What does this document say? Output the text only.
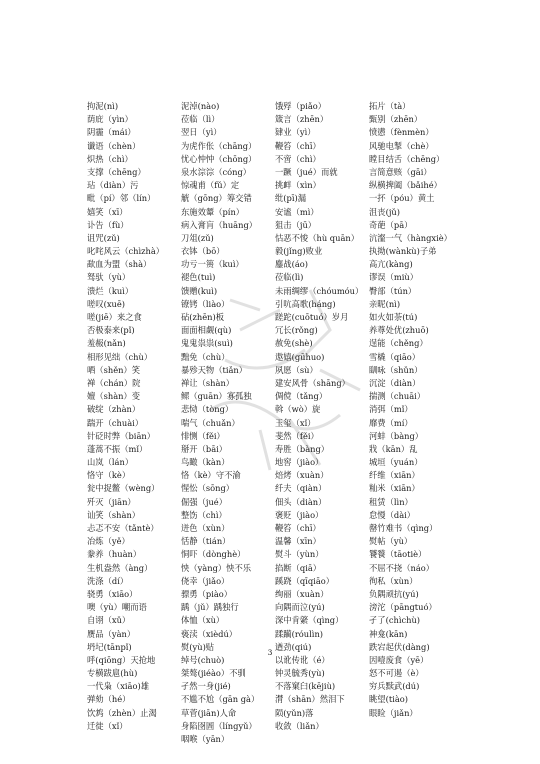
拘泥(nì)
荫庇（yìn）
阴霾（mái）
谶语（chèn）
炽热（chì）
支撑（chēng）
玷（diàn）污
毗（pí）邻（lín）
嬉笑（xī）
讣告（fù）
诅咒(zǔ)
叱咤风云（chìzhà）
歃血为盟（shà）
驽驮（yù）
溃烂（kuì）
嗟叹(xuē)
嗟(jiē）来之食
否极泰来(pǐ)
羞赧(nǎn)
相形见绌（chù）
哂（shěn）笑
禅（chán）院
嬗（shàn）变
破绽（zhàn）
踹开（chuài）
针砭时弊（biān）
蓬蒿不振（mǐ）
山岚（lán）
恪守（kè）
瓮中捉鳖（wèng）
歼灭（jiān）
讪笑（shàn）
忐忑不安（tǎntè）
冶炼（yě）
豢养（huàn）
生机盎然（àng）
洗涤（dí）
骁勇（xiāo）
噢（yù）嘲而语
自诩（xǔ）
赝品（yàn）
坍圮(tānpǐ)
呼(qiōng）天抢地
专横跋扈(hù)
一代枭（xiāo)雄
弹劾（hé）
饮鸩（zhèn）止渴
迁徙（xǐ）
泥淖(nào)
莅临（lì）
翌日（yì）
为虎作伥（chāng）
忧心忡忡（chōng）
泉水淙淙（cóng）
惊魂甫（fǔ）定
觥（gōng）筹交错
东施效颦（pín）
病入膏肓（huāng）
刀俎(zǔ)
衣钵（bō）
功亏一篑（kuì）
褪色(tuì)
馈赠(kuì)
镣铐（liào）
砧(zhēn)板
面面相觑(qù)
鬼鬼祟祟(suì)
黜免（chù）
暴殄天物（tiǎn）
禅让（shàn）
鳏（guān）寡孤独
悲恸（tòng）
喘气（chuǎn）
悱恻（fěi）
掰开（bāi）
鸟瞰（kàn）
恪（kè）守不渝
惺忪（sōng）
倔强（jué）
整饬（chì）
迸色（xùn）
恬静（tián）
恫吓（dònghè）
怏（yàng）怏不乐
侥幸（jiǎo）
骠勇（piào）
踽（jǔ）踽独行
体恤（xù）
亵渎（xièdú）
熨(yù)贴
绰号(chuò)
桀骜(jiéào）不驯
孑然一身(jié)
不尴不尬（gān gà）
草菅(jiān)人命
身陷囹圄（língyǔ）
咽喉（yān）
饿殍（piǎo）
箴言（zhēn）
肄业（yì）
鞭笞（chī）
不啻（chì）
一蹶（jué）而就
挑衅（xìn）
纰(pī)漏
安谧（mì）
狙击（jū）
怙恶不悛（hù quān）
毅(jǐng)败业
鏖战(áo)
莅临(lì)
未雨绸缪（chóumóu）
引吭高歌(háng)
蹉跎(cuōtuó）岁月
冗长(rǒng)
赦免(shè)
遨嬉(gūhuo)
夙愿（sù）
建安风骨（shāng）
倜傥（tǎng）
斡（wò）旋
玉玺（xǐ）
斐然（fěi）
寿胜（bàng）
地窖（jiào）
焙烤（xuàn）
纤夫（qiàn）
佃头（diàn）
褒贬（jiào）
鞭笞（chī）
温馨（xīn）
熨斗（yùn）
掐断（qiā）
蹊跷（qīqiāo）
绚丽（xuàn）
向隅而泣(yú)
深中肯綮（qìng）
蹂躏(róulìn)
遒劲(qiú)
以讹传讹（é）
钟灵毓秀(yù)
不落窠臼(kējiù)
潸（shān）然泪下
陨(yǔn)落
收敛（liǎn）
拓片（tà）
甄别（zhēn）
愤懑（fènmèn）
风驰电掣（chè）
瞠目结舌（chēng）
言简意赅（gāi）
纵横捭阖（bǎihé）
一抔（póu）黄土
沮丧(jǔ)
奇葩（pā）
沆瀣一气（hàngxiè）
执拗(wànkù)子弟
高亢(kàng)
谬误（miù）
臀部（tún）
亲昵(nì)
如火如荼(tú)
养尊处优(zhuō)
逞能（chěng）
雪橇（qiāo）
瞓咏（shǔn）
沉淀（diàn）
揣测（chuāi）
消弭（mǐ）
靡费（mí）
河蚌（bàng）
戕（kān）乱
城垣（yuán）
纤维（xiān）
籼米（xiān）
租赁（lìn）
怠慢（dài）
罄竹难书（qìng）
熨帖（yù）
饕餮（tāotiè）
不屈不挠（náo）
徇私（xùn）
负隅顽抗(yú)
滂沱（pāngtuó）
孑了(chìchù)
神龛(kān)
跌宕起伏(dàng)
因噎废食（yē）
怒不可遏（è）
穷兵黩武(dú)
眺望(tiào)
眼睑（jiǎn）
3
